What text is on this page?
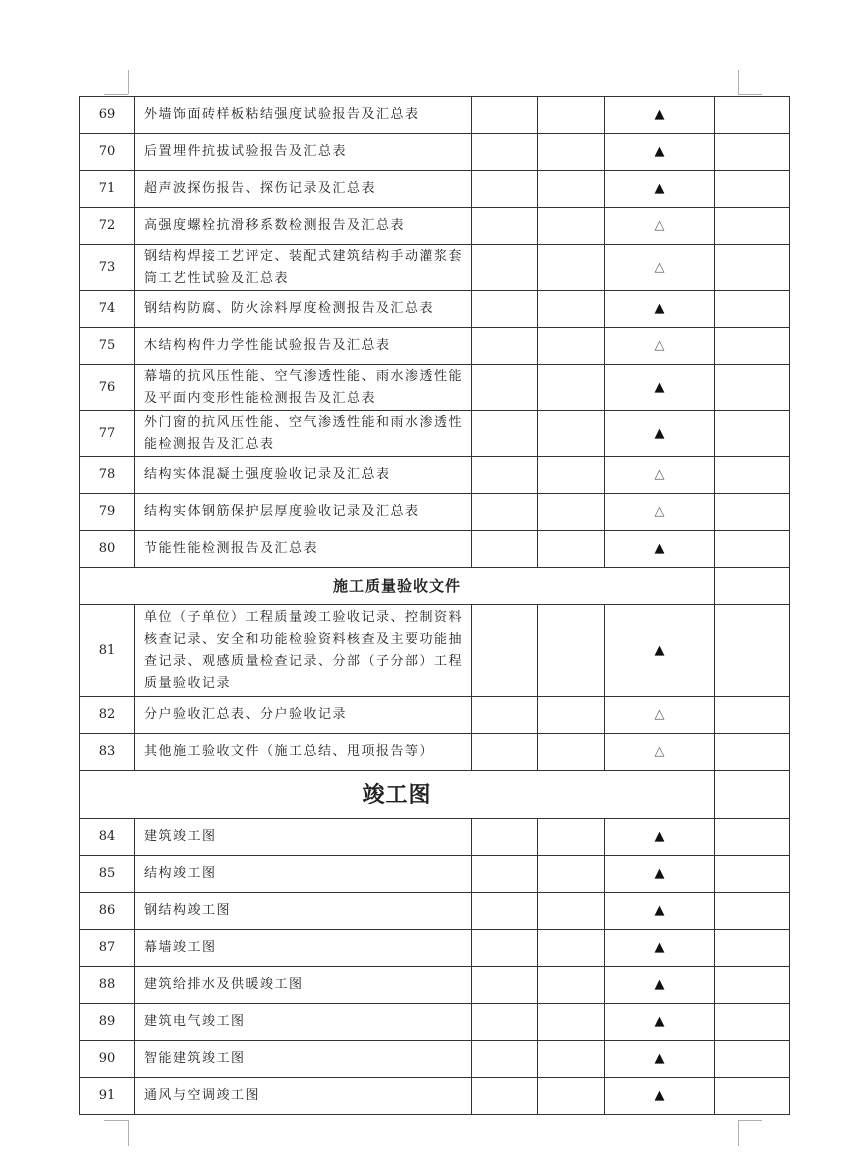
69	外墙饰面砖样板粘结强度试验报告及汇总表			▲	
70	后置埋件抗拔试验报告及汇总表			▲	
71	超声波探伤报告、探伤记录及汇总表			▲	
72	高强度螺栓抗滑移系数检测报告及汇总表			△	
73	钢结构焊接工艺评定、装配式建筑结构手动灌浆套筒工艺性试验及汇总表			△	
74	钢结构防腐、防火涂料厚度检测报告及汇总表			▲	
75	木结构构件力学性能试验报告及汇总表			△	
76	幕墙的抗风压性能、空气渗透性能、雨水渗透性能及平面内变形性能检测报告及汇总表			▲	
77	外门窗的抗风压性能、空气渗透性能和雨水渗透性能检测报告及汇总表			▲	
78	结构实体混凝土强度验收记录及汇总表			△	
79	结构实体钢筋保护层厚度验收记录及汇总表			△	
80	节能性能检测报告及汇总表			▲	
施工质量验收文件					
81	单位（子单位）工程质量竣工验收记录、控制资料核查记录、安全和功能检验资料核查及主要功能抽查记录、观感质量检查记录、分部（子分部）工程质量验收记录			▲	
82	分户验收汇总表、分户验收记录			△	
83	其他施工验收文件（施工总结、甩项报告等）			△	
竣工图					
84	建筑竣工图			▲	
85	结构竣工图			▲	
86	钢结构竣工图			▲	
87	幕墙竣工图			▲	
88	建筑给排水及供暖竣工图			▲	
89	建筑电气竣工图			▲	
90	智能建筑竣工图			▲	
91	通风与空调竣工图			▲	
